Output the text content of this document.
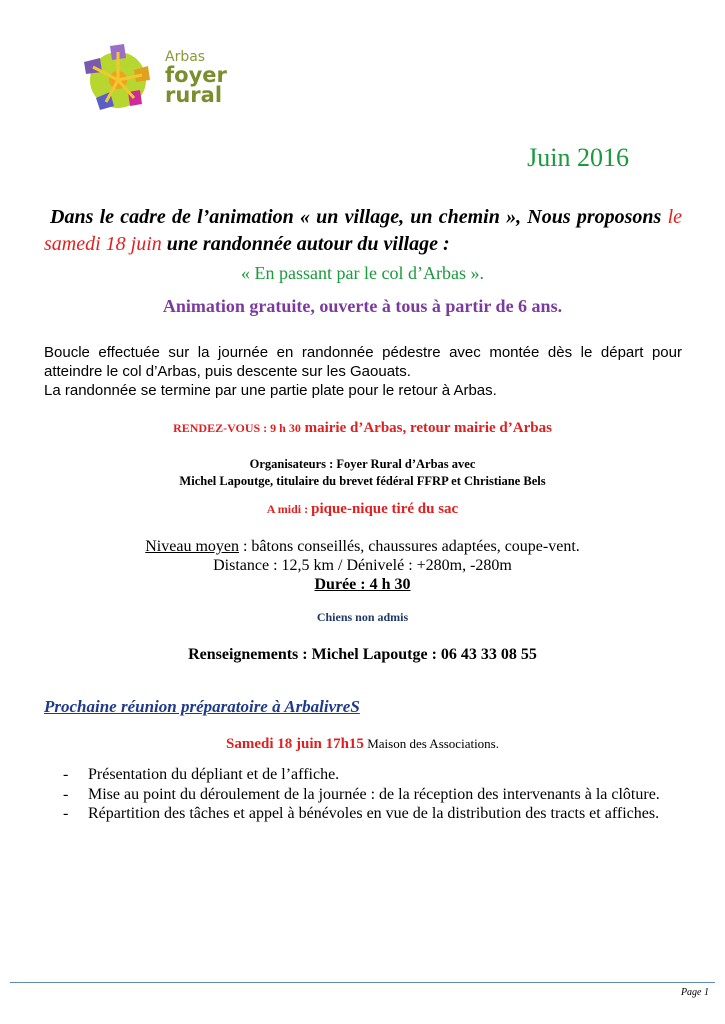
Arbas
foyer
rural
Juin 2016
Dans le cadre de l’animation « un village, un chemin », Nous proposons le samedi 18 juin une randonnée autour du village :
« En passant par le col d’Arbas ».
Animation gratuite, ouverte à tous à partir de 6 ans.

Boucle effectuée sur la journée en randonnée pédestre avec montée dès le départ pour atteindre le col d’Arbas, puis descente sur les Gaouats.

La randonnée se termine par une partie plate pour le retour à Arbas.

RENDEZ-VOUS : 9 h 30 mairie d’Arbas, retour mairie d’Arbas
Organisateurs : Foyer Rural d’Arbas avec
Michel Lapoutge, titulaire du brevet fédéral FFRP et Christiane Bels
A midi : pique-nique tiré du sac
Niveau moyen : bâtons conseillés, chaussures adaptées, coupe-vent.
Distance : 12,5 km / Dénivelé : +280m, -280m
Durée : 4 h 30
Chiens non admis
Renseignements : Michel Lapoutge : 06 43 33 08 55
Prochaine réunion préparatoire à ArbalivreS
Samedi 18 juin 17h15 Maison des Associations.
- Présentation du dépliant et de l’affiche.
- Mise au point du déroulement de la journée : de la réception des intervenants à la clôture.
- Répartition des tâches et appel à bénévoles en vue de la distribution des tracts et affiches.
Page 1
